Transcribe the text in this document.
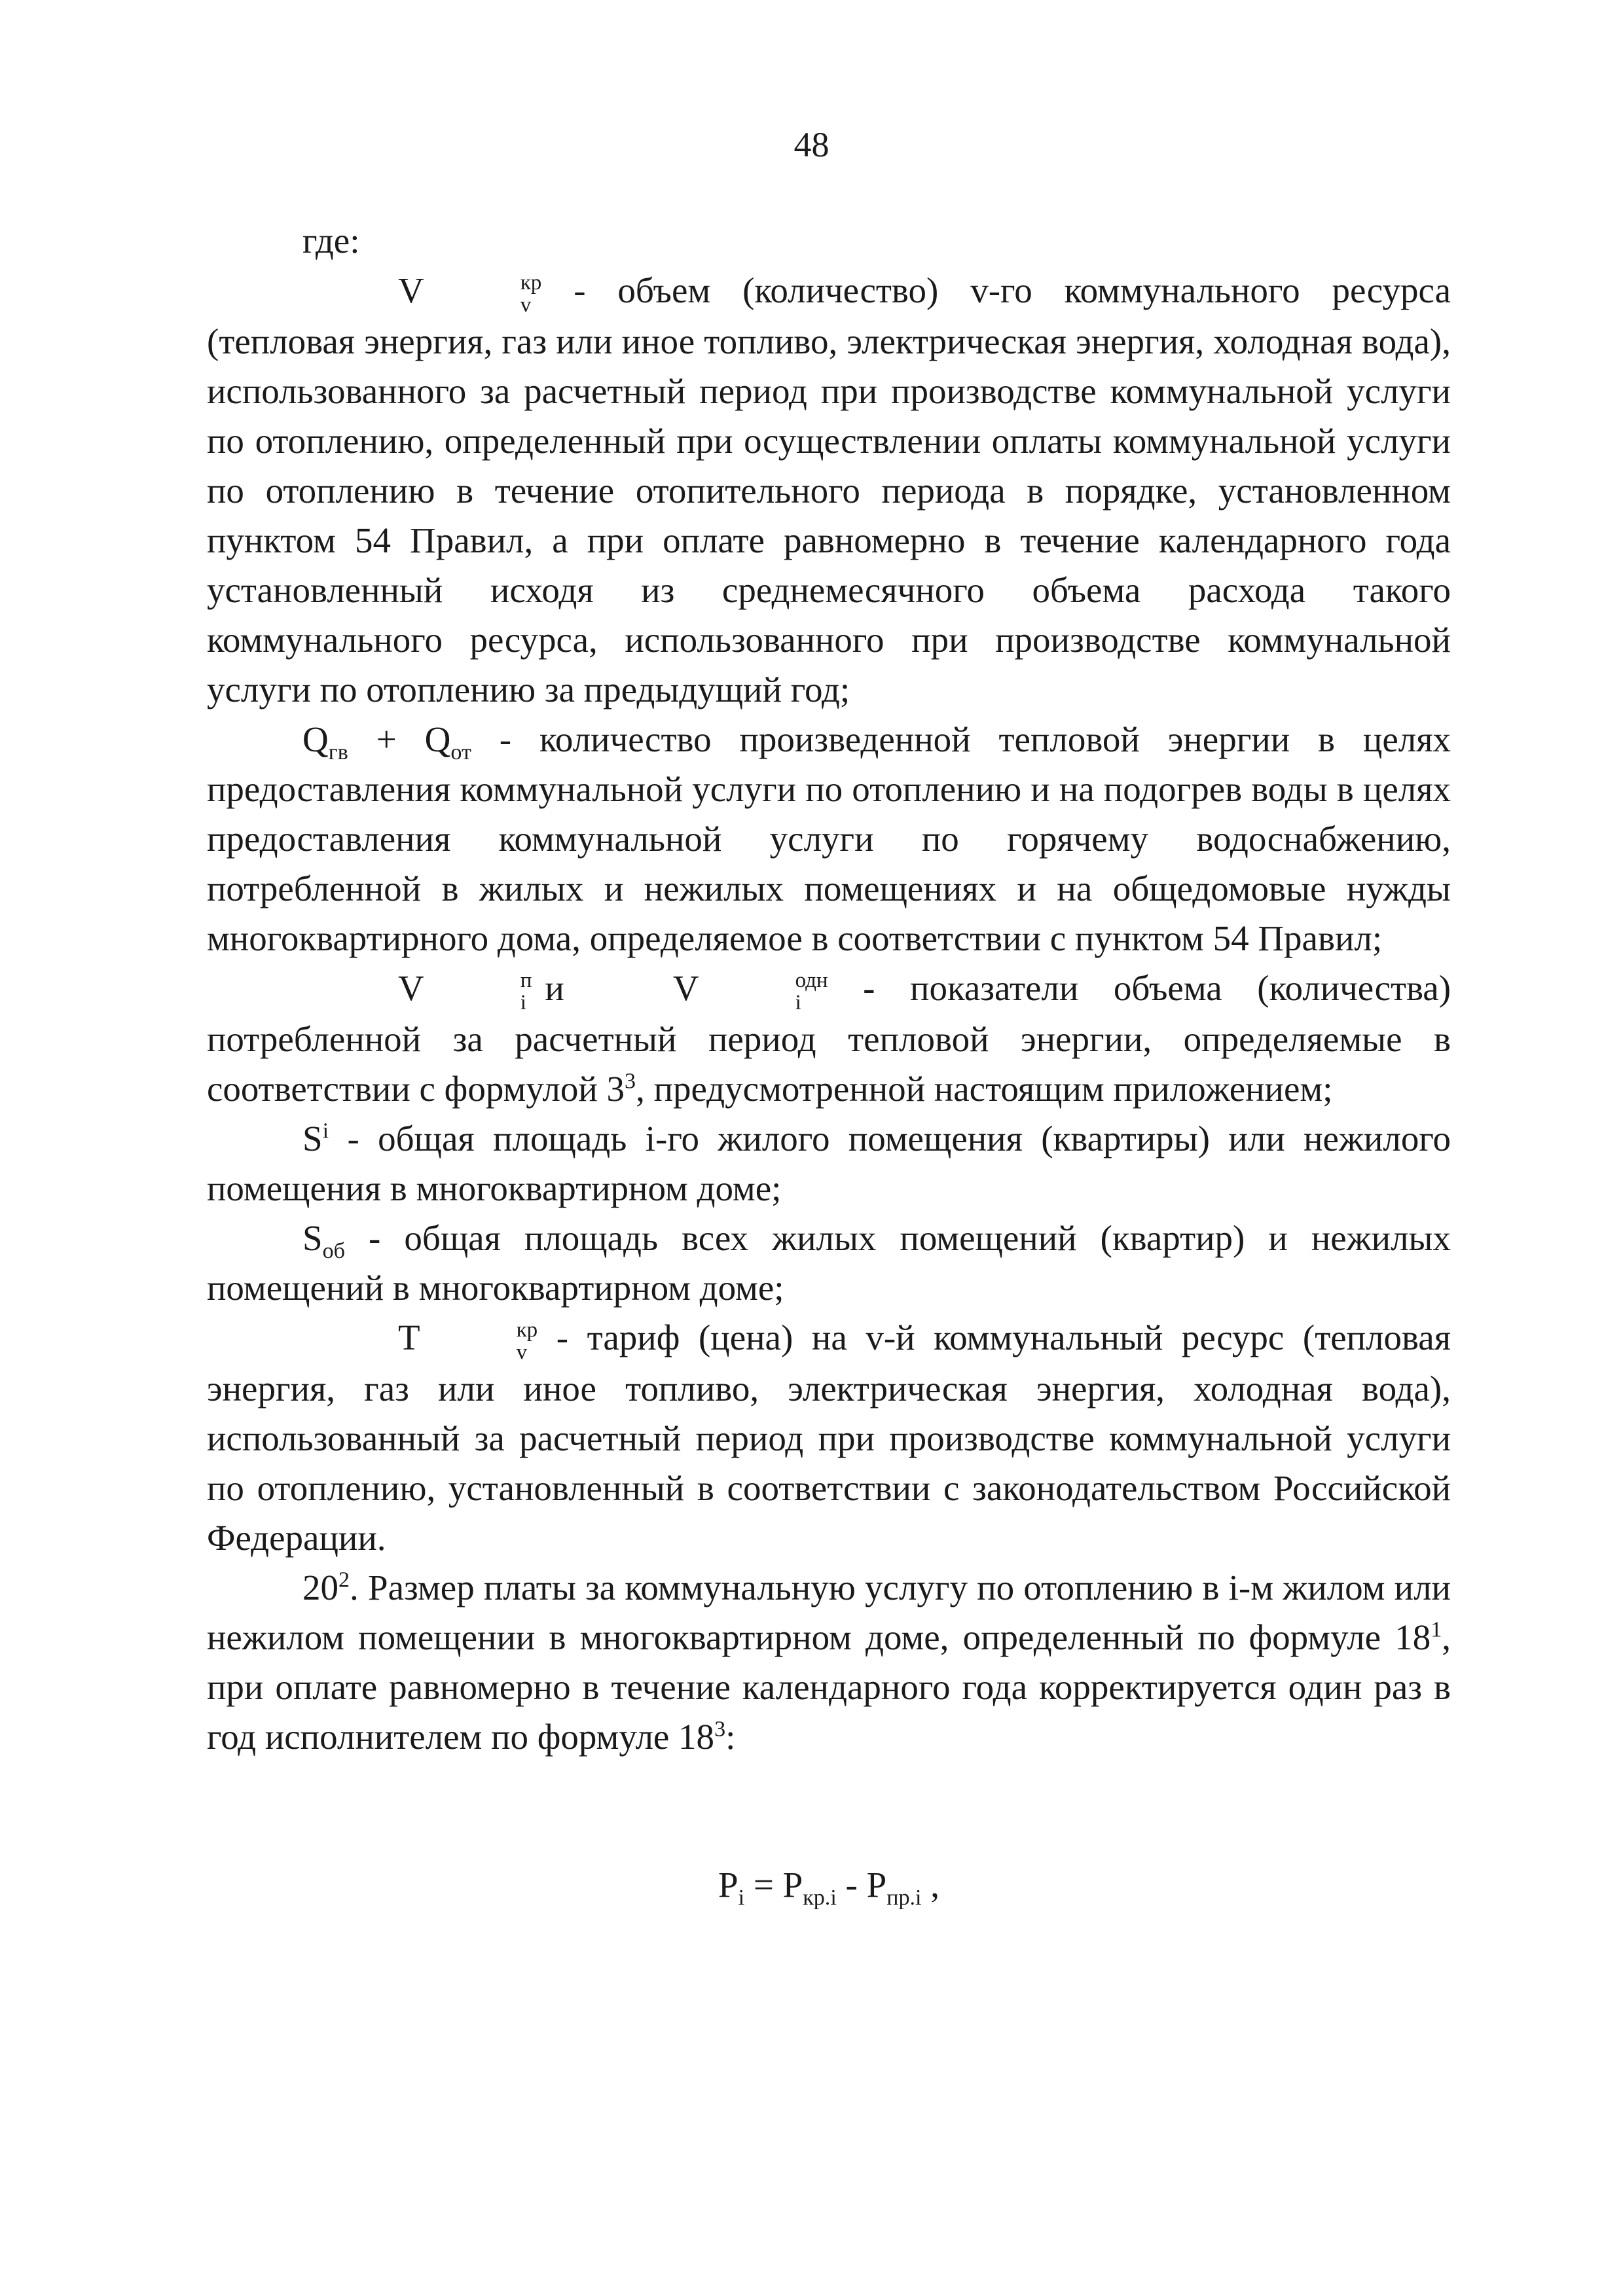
48

где:

V	кр
v - объем (количество) v-го коммунального ресурса (тепловая энергия, газ или иное топливо, электрическая энергия, холодная вода), использованного за расчетный период при производстве коммунальной услуги по отоплению, определенный при осуществлении оплаты коммунальной услуги по отоплению в течение отопительного периода в порядке, установленном пунктом 54 Правил, а при оплате равномерно в течение календарного года установленный исходя из среднемесячного объема расхода такого коммунального ресурса, использованного при производстве коммунальной услуги по отоплению за предыдущий год;

$Q_{гв} + Q_{от}$ - количество произведенной тепловой энергии в целях предоставления коммунальной услуги по отоплению и на подогрев воды в целях предоставления коммунальной услуги по горячему водоснабжению, потребленной в жилых и нежилых помещениях и на общедомовые нужды многоквартирного дома, определяемое в соответствии с пунктом 54 Правил;

V	п
i и	V	одн
i	- показатели объема (количества) потребленной за расчетный период тепловой энергии, определяемые в соответствии с формулой $3^3$, предусмотренной настоящим приложением;

$S^i$ - общая площадь i-го жилого помещения (квартиры) или нежилого помещения в многоквартирном доме;

$S_{об}$ - общая площадь всех жилых помещений (квартир) и нежилых помещений в многоквартирном доме;

T	кр
v - тариф (цена) на v-й коммунальный ресурс (тепловая энергия, газ или иное топливо, электрическая энергия, холодная вода), использованный за расчетный период при производстве коммунальной услуги по отоплению, установленный в соответствии с законодательством Российской Федерации.

$20^2$. Размер платы за коммунальную услугу по отоплению в i-м жилом или нежилом помещении в многоквартирном доме, определенный по формуле $18^1$, при оплате равномерно в течение календарного года корректируется один раз в год исполнителем по формуле $18^3$:

$P_i = P_{кр.i} - P_{пр.i}$ ,
